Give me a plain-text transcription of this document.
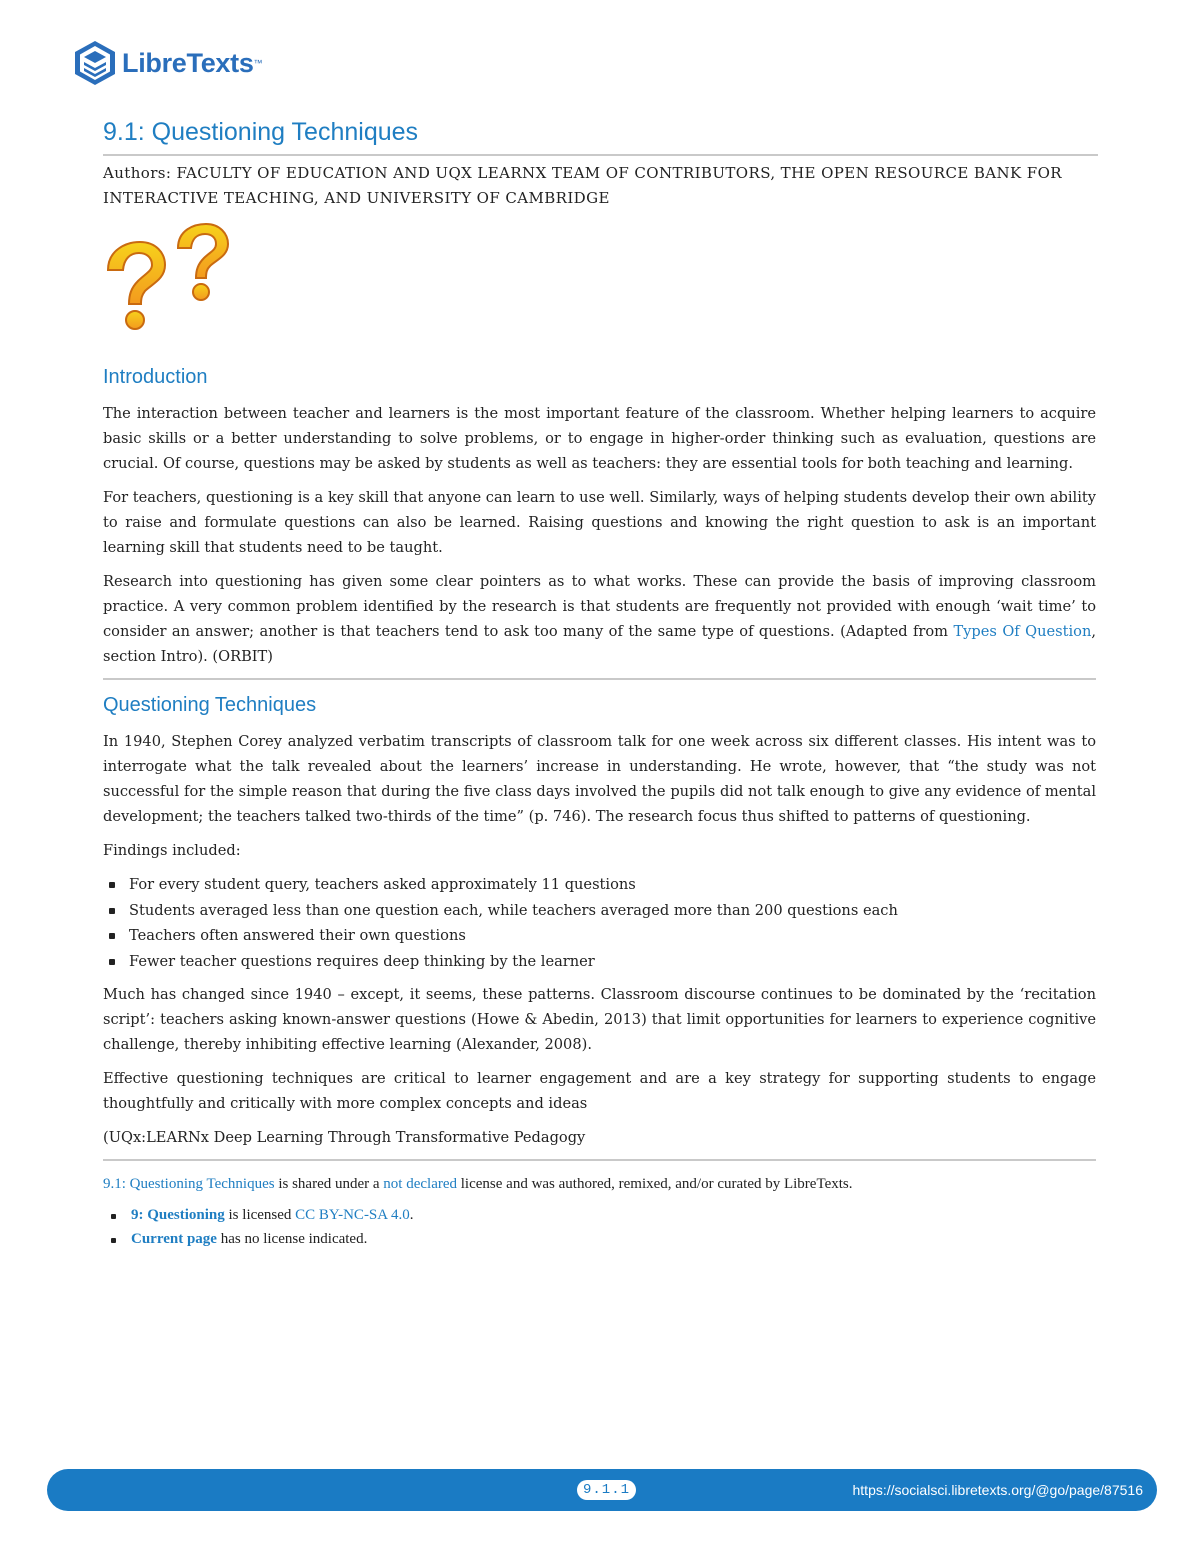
LibreTexts ™
9.1: Questioning Techniques
Authors: FACULTY OF EDUCATION AND UQX LEARNX TEAM OF CONTRIBUTORS, THE OPEN RESOURCE BANK FOR INTERACTIVE TEACHING, AND UNIVERSITY OF CAMBRIDGE
Introduction

The interaction between teacher and learners is the most important feature of the classroom. Whether helping learners to acquire basic skills or a better understanding to solve problems, or to engage in higher-order thinking such as evaluation, questions are crucial. Of course, questions may be asked by students as well as teachers: they are essential tools for both teaching and learning.

For teachers, questioning is a key skill that anyone can learn to use well. Similarly, ways of helping students develop their own ability to raise and formulate questions can also be learned. Raising questions and knowing the right question to ask is an important learning skill that students need to be taught.

Research into questioning has given some clear pointers as to what works. These can provide the basis of improving classroom practice. A very common problem identified by the research is that students are frequently not provided with enough ‘wait time’ to consider an answer; another is that teachers tend to ask too many of the same type of questions. (Adapted from Types Of Question, section Intro). (ORBIT)

Questioning Techniques

In 1940, Stephen Corey analyzed verbatim transcripts of classroom talk for one week across six different classes. His intent was to interrogate what the talk revealed about the learners’ increase in understanding. He wrote, however, that “the study was not successful for the simple reason that during the five class days involved the pupils did not talk enough to give any evidence of mental development; the teachers talked two-thirds of the time” (p. 746). The research focus thus shifted to patterns of questioning.

Findings included:

For every student query, teachers asked approximately 11 questions
Students averaged less than one question each, while teachers averaged more than 200 questions each
Teachers often answered their own questions
Fewer teacher questions requires deep thinking by the learner

Much has changed since 1940 – except, it seems, these patterns. Classroom discourse continues to be dominated by the ‘recitation script’: teachers asking known-answer questions (Howe & Abedin, 2013) that limit opportunities for learners to experience cognitive challenge, thereby inhibiting effective learning (Alexander, 2008).

Effective questioning techniques are critical to learner engagement and are a key strategy for supporting students to engage thoughtfully and critically with more complex concepts and ideas

(UQx:LEARNx Deep Learning Through Transformative Pedagogy

9.1: Questioning Techniques is shared under a not declared license and was authored, remixed, and/or curated by LibreTexts.

9: Questioning is licensed CC BY-NC-SA 4.0.
Current page has no license indicated.
9.1.1	https://socialsci.libretexts.org/@go/page/87516
